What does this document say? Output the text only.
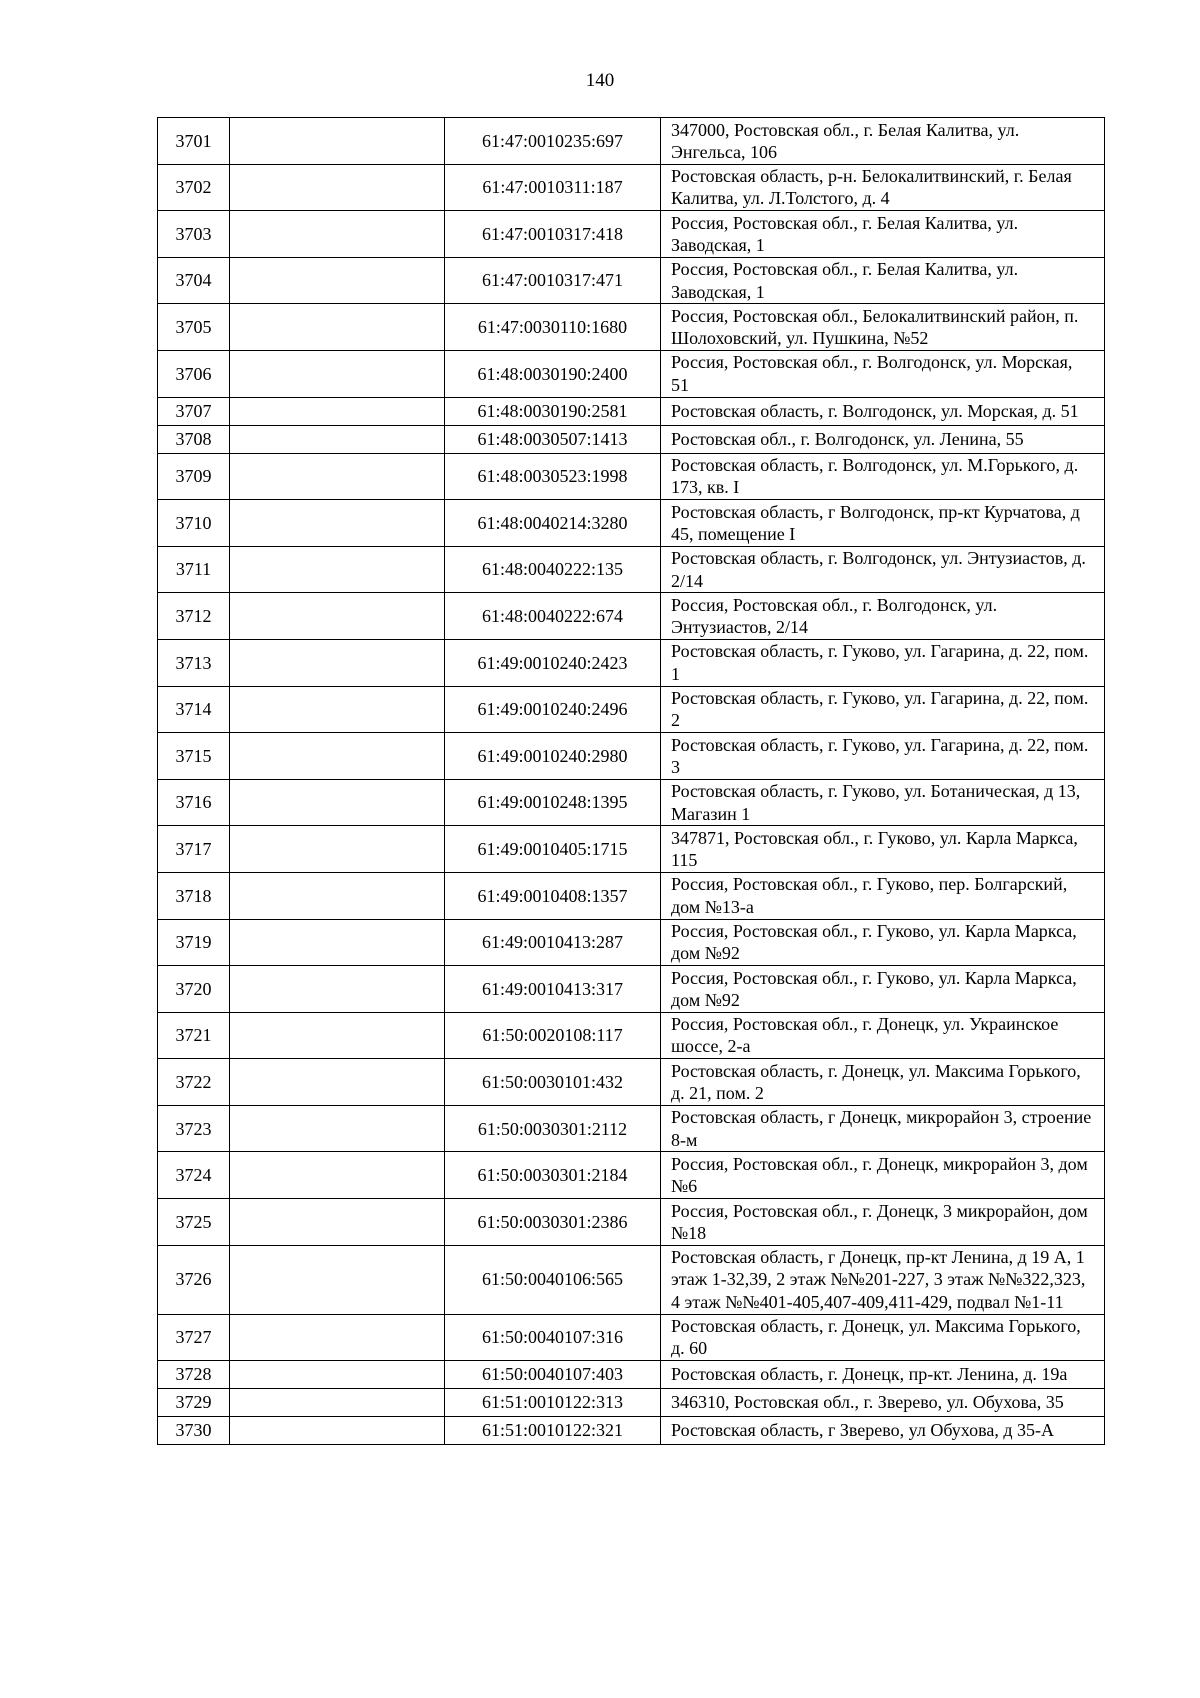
140
3701		61:47:0010235:697	347000, Ростовская обл., г. Белая Калитва, ул. Энгельса, 106
3702		61:47:0010311:187	Ростовская область, р-н. Белокалитвинский, г. Белая Калитва, ул. Л.Толстого, д. 4
3703		61:47:0010317:418	Россия, Ростовская обл., г. Белая Калитва, ул. Заводская, 1
3704		61:47:0010317:471	Россия, Ростовская обл., г. Белая Калитва, ул. Заводская, 1
3705		61:47:0030110:1680	Россия, Ростовская обл., Белокалитвинский район, п. Шолоховский, ул. Пушкина, №52
3706		61:48:0030190:2400	Россия, Ростовская обл., г. Волгодонск, ул. Морская, 51
3707		61:48:0030190:2581	Ростовская область, г. Волгодонск, ул. Морская, д. 51
3708		61:48:0030507:1413	Ростовская обл., г. Волгодонск, ул. Ленина, 55
3709		61:48:0030523:1998	Ростовская область, г. Волгодонск, ул. М.Горького, д. 173, кв. I
3710		61:48:0040214:3280	Ростовская область, г Волгодонск, пр-кт Курчатова, д 45, помещение I
3711		61:48:0040222:135	Ростовская область, г. Волгодонск, ул. Энтузиастов, д. 2/14
3712		61:48:0040222:674	Россия, Ростовская обл., г. Волгодонск, ул. Энтузиастов, 2/14
3713		61:49:0010240:2423	Ростовская область, г. Гуково, ул. Гагарина, д. 22, пом. 1
3714		61:49:0010240:2496	Ростовская область, г. Гуково, ул. Гагарина, д. 22, пом. 2
3715		61:49:0010240:2980	Ростовская область, г. Гуково, ул. Гагарина, д. 22, пом. 3
3716		61:49:0010248:1395	Ростовская область, г. Гуково, ул. Ботаническая, д 13, Магазин 1
3717		61:49:0010405:1715	347871, Ростовская обл., г. Гуково, ул. Карла Маркса, 115
3718		61:49:0010408:1357	Россия, Ростовская обл., г. Гуково, пер. Болгарский, дом №13-а
3719		61:49:0010413:287	Россия, Ростовская обл., г. Гуково, ул. Карла Маркса, дом №92
3720		61:49:0010413:317	Россия, Ростовская обл., г. Гуково, ул. Карла Маркса, дом №92
3721		61:50:0020108:117	Россия, Ростовская обл., г. Донецк, ул. Украинское шоссе, 2-а
3722		61:50:0030101:432	Ростовская область, г. Донецк, ул. Максима Горького, д. 21, пом. 2
3723		61:50:0030301:2112	Ростовская область, г Донецк, микрорайон 3, строение 8-м
3724		61:50:0030301:2184	Россия, Ростовская обл., г. Донецк, микрорайон 3, дом №6
3725		61:50:0030301:2386	Россия, Ростовская обл., г. Донецк, 3 микрорайон, дом №18
3726		61:50:0040106:565	Ростовская область, г Донецк, пр-кт Ленина, д 19 А, 1 этаж 1-32,39, 2 этаж №№201-227, 3 этаж №№322,323, 4 этаж №№401-405,407-409,411-429, подвал №1-11
3727		61:50:0040107:316	Ростовская область, г. Донецк, ул. Максима Горького, д. 60
3728		61:50:0040107:403	Ростовская область, г. Донецк, пр-кт. Ленина, д. 19а
3729		61:51:0010122:313	346310, Ростовская обл., г. Зверево, ул. Обухова, 35
3730		61:51:0010122:321	Ростовская область, г Зверево, ул Обухова, д 35-А
